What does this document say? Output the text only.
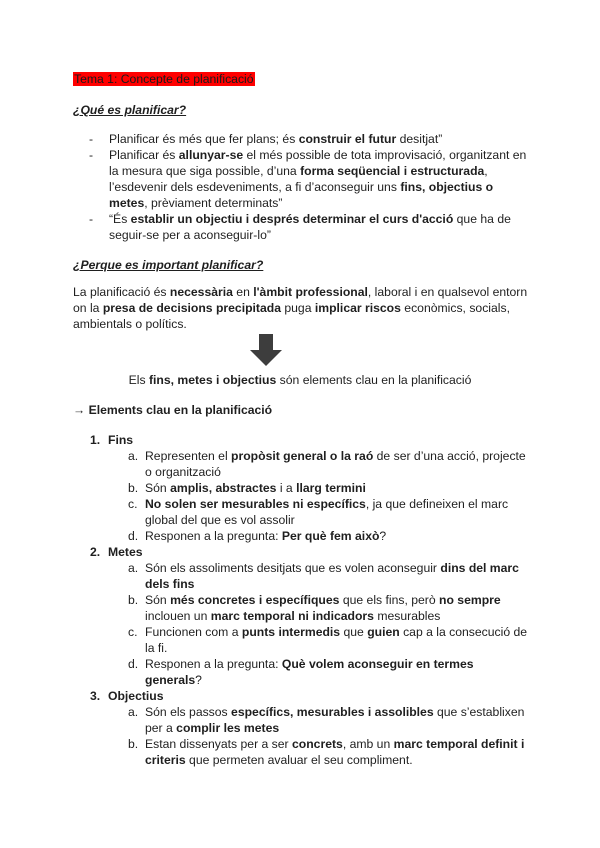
Tema 1: Concepte de planificació
¿Qué es planificar?
- Planificar és més que fer plans; és construir el futur desitjat”
- Planificar és allunyar-se el més possible de tota improvisació, organitzant en la mesura que siga possible, d’una forma seqüencial i estructurada, l’esdevenir dels esdeveniments, a fi d’aconseguir uns fins, objectius o metes, prèviament determinats”
- “És establir un objectiu i després determinar el curs d'acció que ha de seguir-se per a aconseguir-lo”
¿Perque es important planificar?
La planificació és necessària en l'àmbit professional, laboral i en qualsevol entorn on la presa de decisions precipitada puga implicar riscos econòmics, socials, ambientals o polítics.
Els fins, metes i objectius són elements clau en la planificació
→ Elements clau en la planificació
1. Fins
a. Representen el propòsit general o la raó de ser d’una acció, projecte o organització
b. Són amplis, abstractes i a llarg termini
c. No solen ser mesurables ni específics, ja que defineixen el marc global del que es vol assolir
d. Responen a la pregunta: Per què fem això?
2. Metes
a. Són els assoliments desitjats que es volen aconseguir dins del marc dels fins
b. Són més concretes i específiques que els fins, però no sempre inclouen un marc temporal ni indicadors mesurables
c. Funcionen com a punts intermedis que guien cap a la consecució de la fi.
d. Responen a la pregunta: Què volem aconseguir en termes generals?
3. Objectius
a. Són els passos específics, mesurables i assolibles que s’establixen per a complir les metes
b. Estan dissenyats per a ser concrets, amb un marc temporal definit i criteris que permeten avaluar el seu compliment.
